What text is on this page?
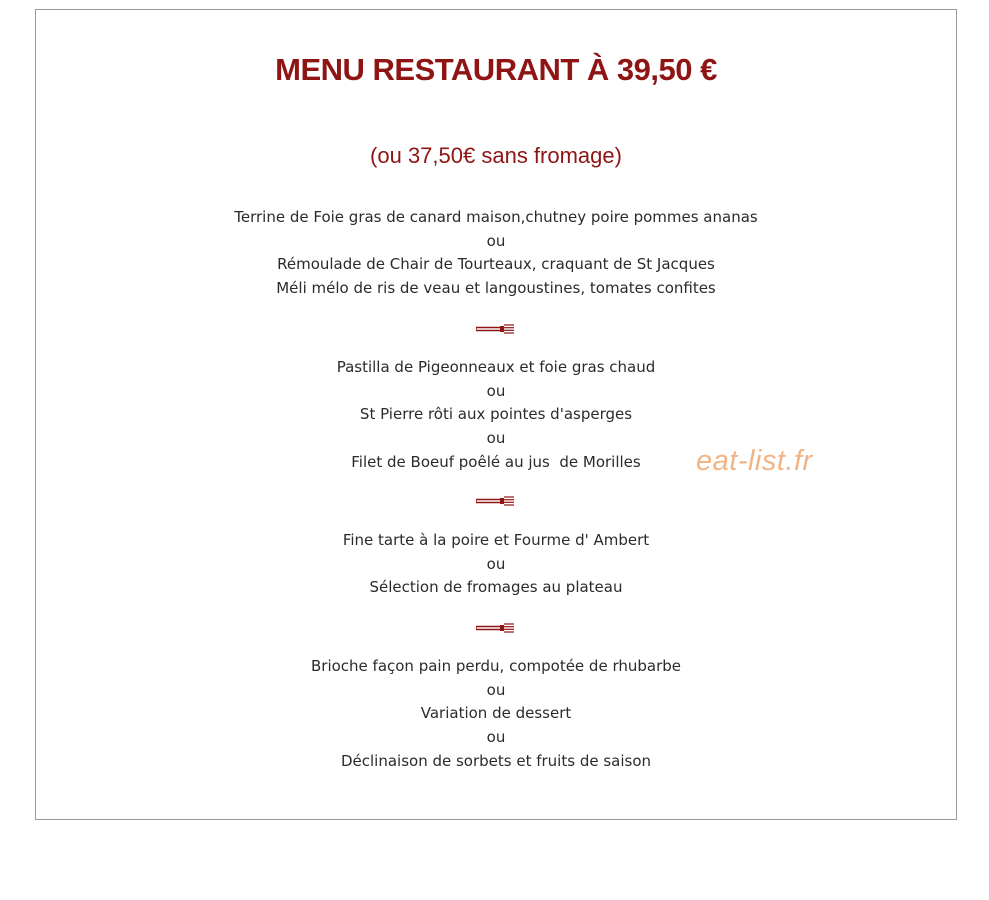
MENU RESTAURANT À 39,50 €

(ou 37,50€ sans fromage)

Terrine de Foie gras de canard maison,chutney poire pommes ananas
ou
Rémoulade de Chair de Tourteaux, craquant de St Jacques
Méli mélo de ris de veau et langoustines, tomates confites
Pastilla de Pigeonneaux et foie gras chaud
ou
St Pierre rôti aux pointes d'asperges
ou
Filet de Boeuf poêlé au jus  de Morilles
Fine tarte à la poire et Fourme d' Ambert
ou
Sélection de fromages au plateau
Brioche façon pain perdu, compotée de rhubarbe
ou
Variation de dessert
ou
Déclinaison de sorbets et fruits de saison
eat-list.fr
